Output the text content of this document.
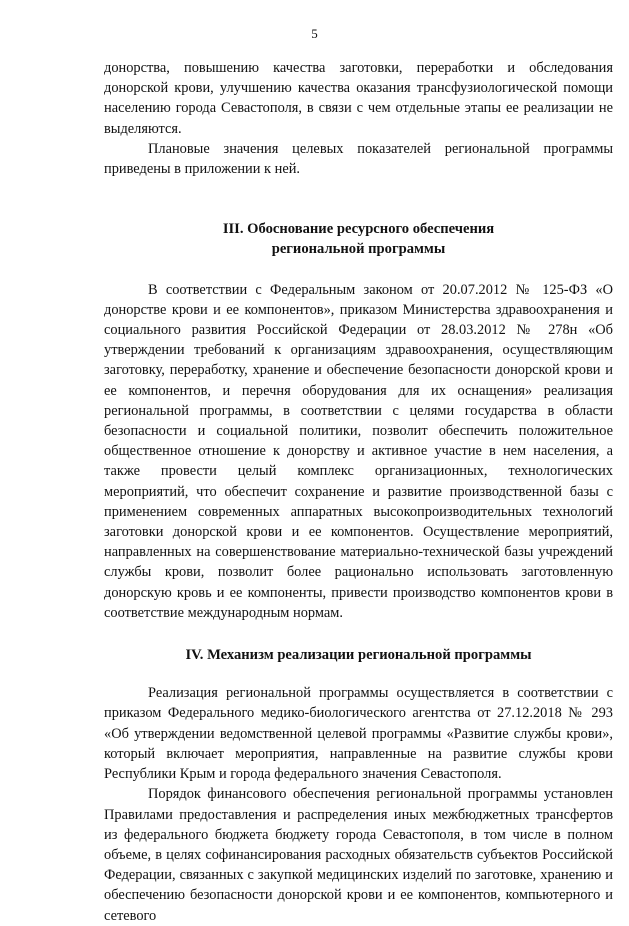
5

донорства, повышению качества заготовки, переработки и обследования донорской крови, улучшению качества оказания трансфузиологической помощи населению города Севастополя, в связи с чем отдельные этапы ее реализации не выделяются.

Плановые значения целевых показателей региональной программы приведены в приложении к ней.

III. Обоснование ресурсного обеспечения

региональной программы

В соответствии с Федеральным законом от 20.07.2012 № 125-ФЗ «О донорстве крови и ее компонентов», приказом Министерства здравоохранения и социального развития Российской Федерации от 28.03.2012 № 278н «Об утверждении требований к организациям здравоохранения, осуществляющим заготовку, переработку, хранение и обеспечение безопасности донорской крови и ее компонентов, и перечня оборудования для их оснащения» реализация региональной программы, в соответствии с целями государства в области безопасности и социальной политики, позволит обеспечить положительное общественное отношение к донорству и активное участие в нем населения, а также провести целый комплекс организационных, технологических мероприятий, что обеспечит сохранение и развитие производственной базы с применением современных аппаратных высокопроизводительных технологий заготовки донорской крови и ее компонентов. Осуществление мероприятий, направленных на совершенствование материально-технической базы учреждений службы крови, позволит более рационально использовать заготовленную донорскую кровь и ее компоненты, привести производство компонентов крови в соответствие международным нормам.

IV. Механизм реализации региональной программы

Реализация региональной программы осуществляется в соответствии с приказом Федерального медико-биологического агентства от 27.12.2018 № 293 «Об утверждении ведомственной целевой программы «Развитие службы крови», который включает мероприятия, направленные на развитие службы крови Республики Крым и города федерального значения Севастополя.

Порядок финансового обеспечения региональной программы установлен Правилами предоставления и распределения иных межбюджетных трансфертов из федерального бюджета бюджету города Севастополя, в том числе в полном объеме, в целях софинансирования расходных обязательств субъектов Российской Федерации, связанных с закупкой медицинских изделий по заготовке, хранению и обеспечению безопасности донорской крови и ее компонентов, компьютерного и сетевого
